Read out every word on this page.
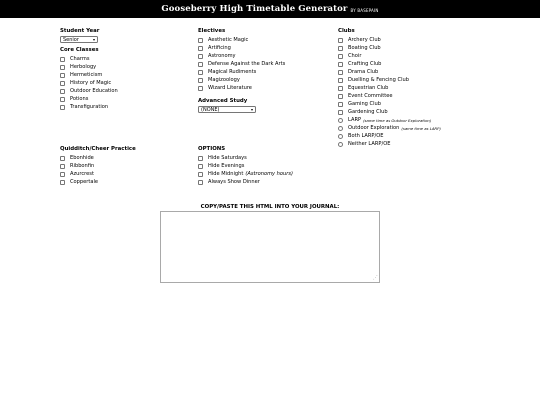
Gooseberry High Timetable Generator BY BASEPAIN
Student Year
Senior	▾
Core Classes
Charms
Herbology
Hermeticism
History of Magic
Outdoor Education
Potions
Transfiguration
Electives
Aesthetic Magic
Artificing
Astronomy
Defense Against the Dark Arts
Magical Rudiments
Magizoology
Wizard Literature
Advanced Study
(NONE)	▾
Clubs
Archery Club
Boating Club
Choir
Crafting Club
Drama Club
Duelling & Fencing Club
Equestrian Club
Event Committee
Gaming Club
Gardening Club
LARP (same time as Outdoor Exploration)
Outdoor Exploration (same time as LARP)
Both LARP/OE
Neither LARP/OE
Quidditch/Cheer Practice
Ebonhide
Ribbonfin
Azurcrest
Coppertale
OPTIONS
Hide Saturdays
Hide Evenings
Hide Midnight (Astronomy hours)
Always Show Dinner
COPY/PASTE THIS HTML INTO YOUR JOURNAL:
⋰
